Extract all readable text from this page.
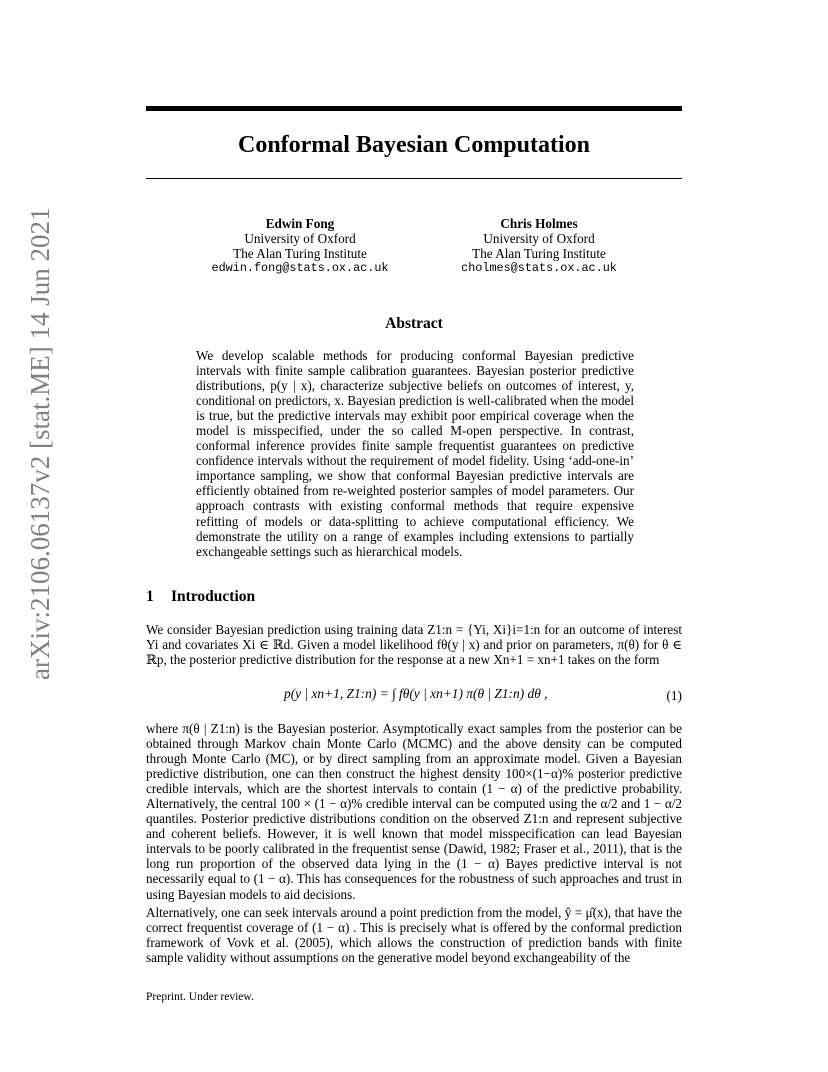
arXiv:2106.06137v2 [stat.ME] 14 Jun 2021
Conformal Bayesian Computation
Edwin Fong
University of Oxford
The Alan Turing Institute
edwin.fong@stats.ox.ac.uk
Chris Holmes
University of Oxford
The Alan Turing Institute
cholmes@stats.ox.ac.uk
Abstract
We develop scalable methods for producing conformal Bayesian predictive intervals with finite sample calibration guarantees. Bayesian posterior predictive distributions, p(y | x), characterize subjective beliefs on outcomes of interest, y, conditional on predictors, x. Bayesian prediction is well-calibrated when the model is true, but the predictive intervals may exhibit poor empirical coverage when the model is misspecified, under the so called M-open perspective. In contrast, conformal inference provides finite sample frequentist guarantees on predictive confidence intervals without the requirement of model fidelity. Using ‘add-one-in’ importance sampling, we show that conformal Bayesian predictive intervals are efficiently obtained from re-weighted posterior samples of model parameters. Our approach contrasts with existing conformal methods that require expensive refitting of models or data-splitting to achieve computational efficiency. We demonstrate the utility on a range of examples including extensions to partially exchangeable settings such as hierarchical models.
1 Introduction
We consider Bayesian prediction using training data Z1:n = {Yi, Xi}i=1:n for an outcome of interest Yi and covariates Xi ∈ ℝd. Given a model likelihood fθ(y | x) and prior on parameters, π(θ) for θ ∈ ℝp, the posterior predictive distribution for the response at a new Xn+1 = xn+1 takes on the form
p(y | xn+1, Z1:n) = ∫ fθ(y | xn+1) π(θ | Z1:n) dθ ,	(1)
where π(θ | Z1:n) is the Bayesian posterior. Asymptotically exact samples from the posterior can be obtained through Markov chain Monte Carlo (MCMC) and the above density can be computed through Monte Carlo (MC), or by direct sampling from an approximate model. Given a Bayesian predictive distribution, one can then construct the highest density 100×(1−α)% posterior predictive credible intervals, which are the shortest intervals to contain (1 − α) of the predictive probability. Alternatively, the central 100 × (1 − α)% credible interval can be computed using the α/2 and 1 − α/2 quantiles. Posterior predictive distributions condition on the observed Z1:n and represent subjective and coherent beliefs. However, it is well known that model misspecification can lead Bayesian intervals to be poorly calibrated in the frequentist sense (Dawid, 1982; Fraser et al., 2011), that is the long run proportion of the observed data lying in the (1 − α) Bayes predictive interval is not necessarily equal to (1 − α). This has consequences for the robustness of such approaches and trust in using Bayesian models to aid decisions.
Alternatively, one can seek intervals around a point prediction from the model, ŷ = μ̂(x), that have the correct frequentist coverage of (1 − α) . This is precisely what is offered by the conformal prediction framework of Vovk et al. (2005), which allows the construction of prediction bands with finite sample validity without assumptions on the generative model beyond exchangeability of the
Preprint. Under review.
